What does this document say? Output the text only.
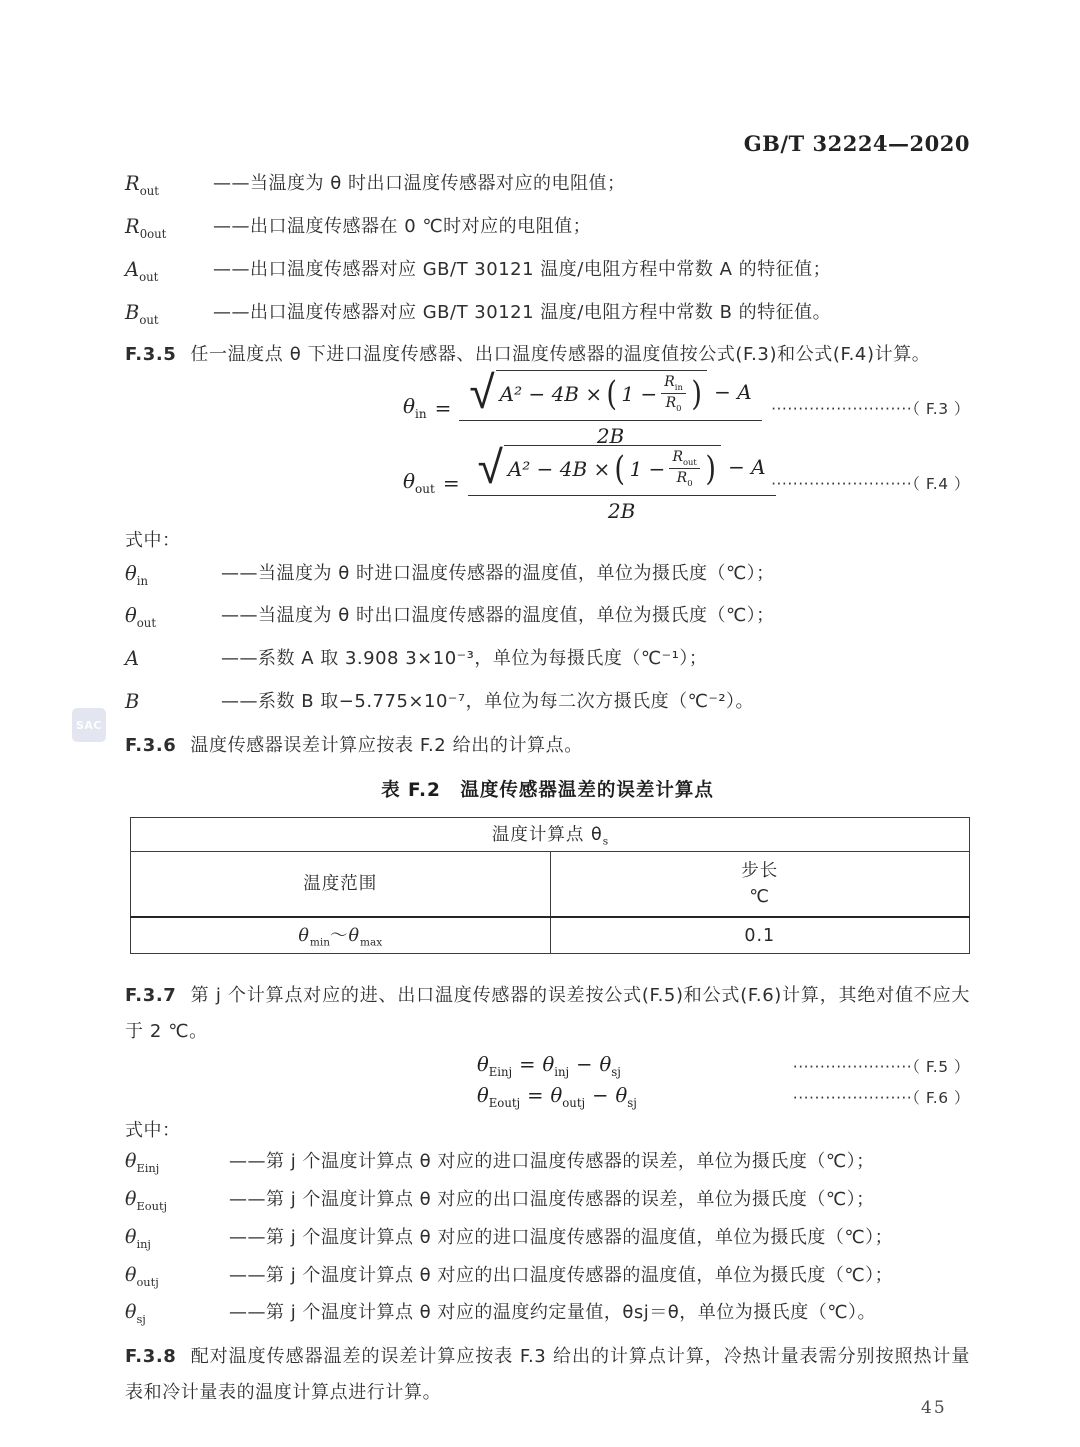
GB/T 32224—2020
$R_{out}$	——当温度为 θ 时出口温度传感器对应的电阻值；
$R_{0out}$	——出口温度传感器在 0 ℃时对应的电阻值；
$A_{out}$	——出口温度传感器对应 GB/T 30121 温度/电阻方程中常数 A 的特征值；
$B_{out}$	——出口温度传感器对应 GB/T 30121 温度/电阻方程中常数 B 的特征值。

F.3.5 任一温度点 θ 下进口温度传感器、出口温度传感器的温度值按公式(F.3)和公式(F.4)计算。

$\theta_{in}$ = √ A² − 4B × ( $1 - R_{in}$
$R_0$ ) − A
2B
··························（ F.3 ）
$\theta_{out}$ = √ A² − 4B × ( $1 - R_{out}$
$R_0$ ) − A
2B
··························（ F.4 ）
式中：
$\theta_{in}$	——当温度为 θ 时进口温度传感器的温度值，单位为摄氏度（℃）；
$\theta_{out}$	——当温度为 θ 时出口温度传感器的温度值，单位为摄氏度（℃）；
A	——系数 A 取 3.908 3×10⁻³，单位为每摄氏度（℃⁻¹）；
B	——系数 B 取−5.775×10⁻⁷，单位为每二次方摄氏度（℃⁻²）。

F.3.6 温度传感器误差计算应按表 F.2 给出的计算点。

表 F.2　温度传感器温差的误差计算点
温度计算点 $\theta_s$
温度范围	步长
℃

$\theta_{min}\sim\theta_{max}$	0.1

F.3.7 第 j 个计算点对应的进、出口温度传感器的误差按公式(F.5)和公式(F.6)计算，其绝对值不应大于 2 ℃。

$\theta_{Einj} = \theta_{inj} - \theta_{sj}$	······················（ F.5 ）
$\theta_{Eoutj} = \theta_{outj} - \theta_{sj}$	······················（ F.6 ）
式中：
$\theta_{Einj}$	——第 j 个温度计算点 θ 对应的进口温度传感器的误差，单位为摄氏度（℃）；
$\theta_{Eoutj}$	——第 j 个温度计算点 θ 对应的出口温度传感器的误差，单位为摄氏度（℃）；
$\theta_{inj}$	——第 j 个温度计算点 θ 对应的进口温度传感器的温度值，单位为摄氏度（℃）；
$\theta_{outj}$	——第 j 个温度计算点 θ 对应的出口温度传感器的温度值，单位为摄氏度（℃）；
$\theta_{sj}$	——第 j 个温度计算点 θ 对应的温度约定量值，θsj＝θ，单位为摄氏度（℃）。

F.3.8 配对温度传感器温差的误差计算应按表 F.3 给出的计算点计算，冷热计量表需分别按照热计量表和冷计量表的温度计算点进行计算。

SAC
45
